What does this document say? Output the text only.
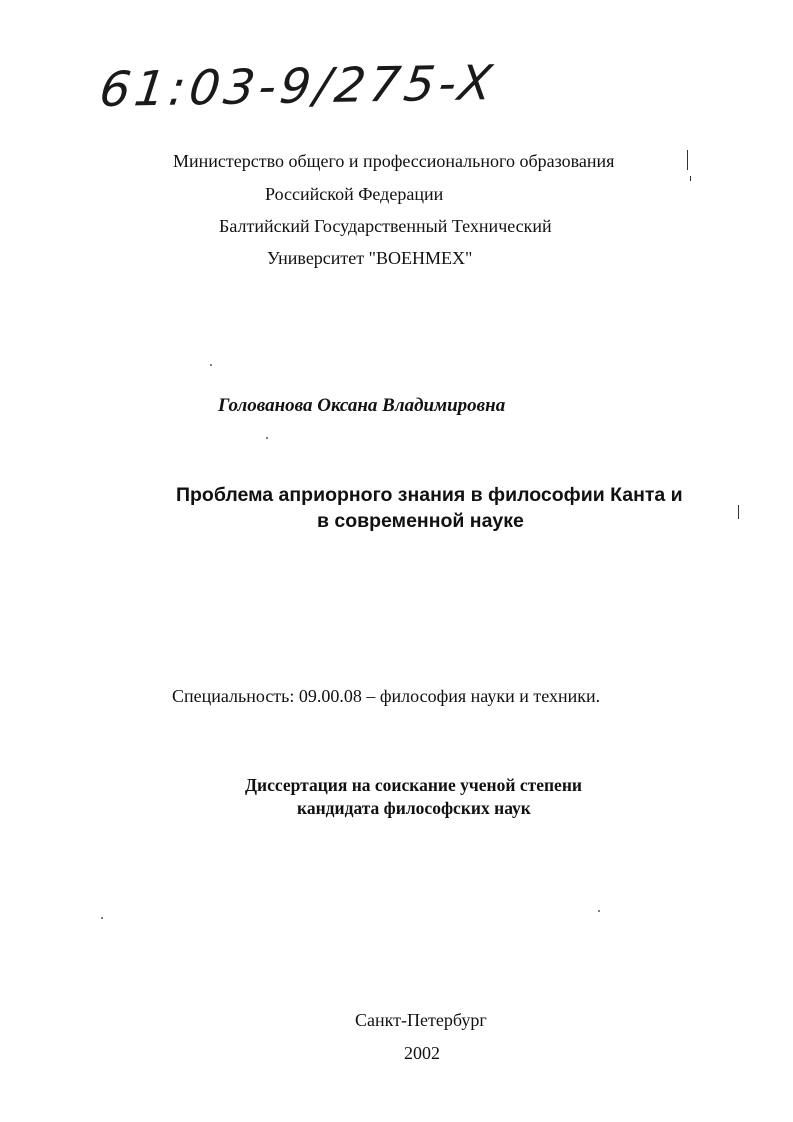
61:03-9/275-X
Министерство общего и профессионального образования
Российской Федерации
Балтийский Государственный Технический
Университет "ВОЕНМЕХ"
Голованова Оксана Владимировна
Проблема априорного знания в философии Канта и
в современной науке
Специальность: 09.00.08 – философия науки и техники.
Диссертация на соискание ученой степени
кандидата философских наук
Санкт-Петербург
2002
